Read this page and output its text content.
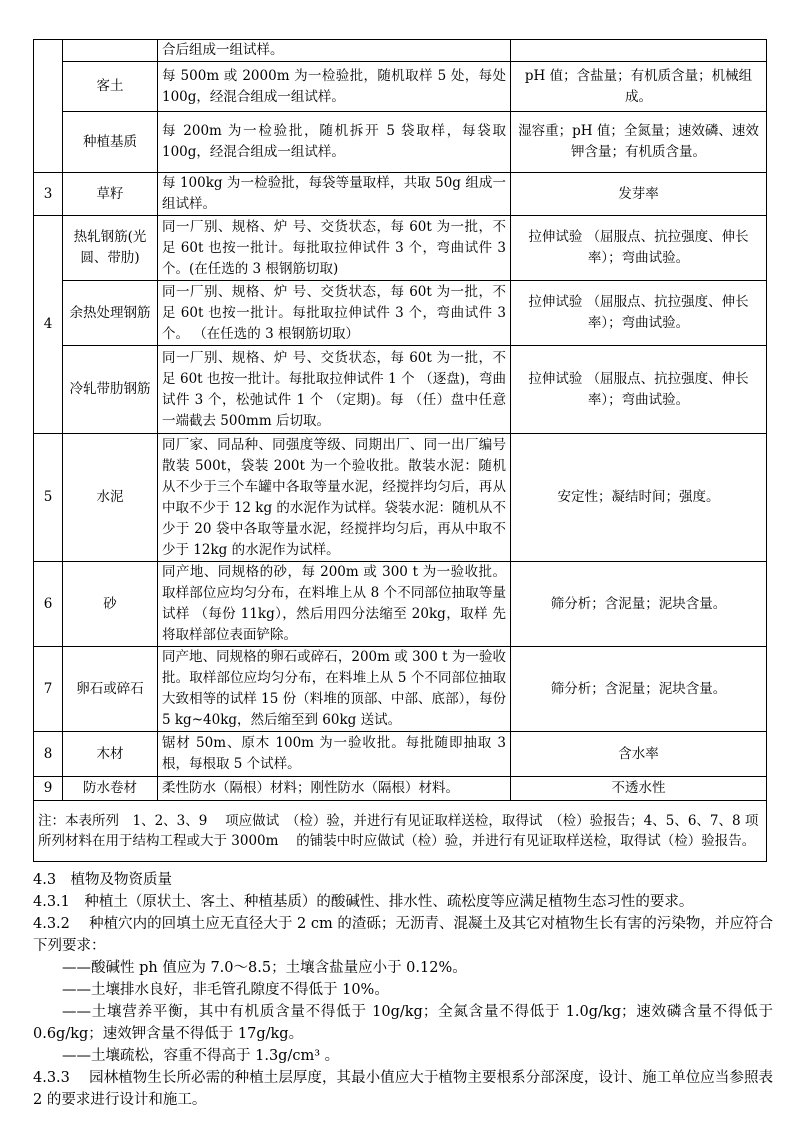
		合后组成一组试样。	
	客土	每 500m 或 2000m 为一检验批，随机取样 5 处，每处 100g，经混合组成一组试样。	pH 值；含盐量；有机质含量；机械组成。
	种植基质	每 200m 为一检验批，随机拆开 5 袋取样，每袋取 100g，经混合组成一组试样。	湿容重；pH 值；全氮量；速效磷、速效钾含量；有机质含量。
3	草籽	每 100kg 为一检验批，每袋等量取样，共取 50g 组成一组试样。	发芽率
4	热轧钢筋(光圆、带肋)	同一厂别、规格、炉 号、交货状态，每 60t 为一批，不足 60t 也按一批计。每批取拉伸试件 3 个，弯曲试件 3 个。(在任选的 3 根钢筋切取)	拉伸试验 （屈服点、抗拉强度、伸长率）；弯曲试验。
	余热处理钢筋	同一厂别、规格、炉 号、交货状态，每 60t 为一批，不足 60t 也按一批计。每批取拉伸试件 3 个，弯曲试件 3 个。 （在任选的 3 根钢筋切取）	拉伸试验 （屈服点、抗拉强度、伸长率）；弯曲试验。
	冷轧带肋钢筋	同一厂别、规格、炉 号、交货状态，每 60t 为一批，不足 60t 也按一批计。每批取拉伸试件 1 个 （逐盘)，弯曲试件 3 个，松弛试件 1 个 （定期)。每 （任）盘中任意一端截去 500mm 后切取。	拉伸试验 （屈服点、抗拉强度、伸长率）；弯曲试验。
5	水泥	同厂家、同品种、同强度等级、同期出厂、同一出厂编号散装 500t，袋装 200t 为一个验收批。散装水泥：随机从不少于三个车罐中各取等量水泥，经搅拌均匀后，再从中取不少于 12 kg 的水泥作为试样。袋装水泥：随机从不少于 20 袋中各取等量水泥，经搅拌均匀后，再从中取不少于 12kg 的水泥作为试样。	安定性；凝结时间；强度。
6	砂	同产地、同规格的砂，每 200m 或 300 t 为一验收批。取样部位应均匀分布，在料堆上从 8 个不同部位抽取等量试样 （每份 11kg），然后用四分法缩至 20kg，取样 先将取样部位表面铲除。	筛分析；含泥量；泥块含量。
7	卵石或碎石	同产地、同规格的卵石或碎石，200m 或 300 t 为一验收批。取样部位应均匀分布，在料堆上从 5 个不同部位抽取大致相等的试样 15 份（料堆的顶部、中部、底部），每份 5 kg~40kg，然后缩至到 60kg 送试。	筛分析；含泥量；泥块含量。
8	木材	锯材 50m、原木 100m 为一验收批。每批随即抽取 3 根，每根取 5 个试样。	含水率
9	防水卷材	柔性防水（隔根）材料；刚性防水（隔根）材料。	不透水性
注：本表所列　1、2、3、9　 项应做试　（检）验，并进行有见证取样送检，取得试　（检）验报告；4、5、6、7、8 项所列材料在用于结构工程或大于 3000m　 的铺装中时应做试（检）验，并进行有见证取样送检，取得试（检）验报告。			

4.3　植物及物资质量

4.3.1　种植土（原状土、客土、种植基质）的酸碱性、排水性、疏松度等应满足植物生态习性的要求。

4.3.2　 种植穴内的回填土应无直径大于 2 cm 的渣砾；无沥青、混凝土及其它对植物生长有害的污染物，并应符合下列要求：

——酸碱性 ph 值应为 7.0～8.5；土壤含盐量应小于 0.12%。

——土壤排水良好，非毛管孔隙度不得低于 10%。

——土壤营养平衡，其中有机质含量不得低于 10g/kg；全氮含量不得低于 1.0g/kg；速效磷含量不得低于 0.6g/kg；速效钾含量不得低于 17g/kg。

——土壤疏松，容重不得高于 1.3g/cm³ 。

4.3.3　 园林植物生长所必需的种植土层厚度，其最小值应大于植物主要根系分部深度，设计、施工单位应当参照表 2 的要求进行设计和施工。
